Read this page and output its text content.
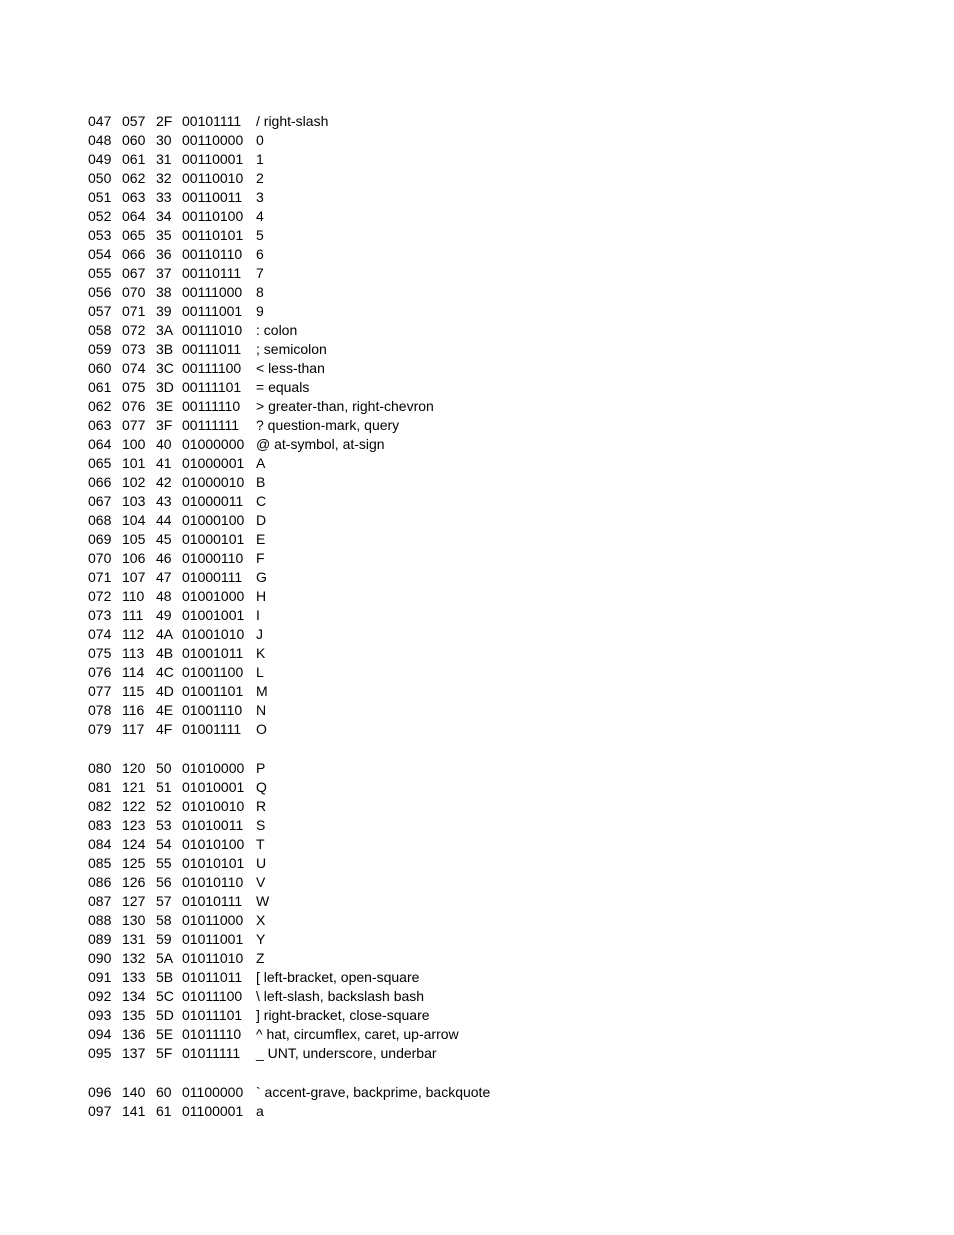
047 057 2F 00101111 / right-slash
048 060 30 00110000 0
049 061 31 00110001 1
050 062 32 00110010 2
051 063 33 00110011 3
052 064 34 00110100 4
053 065 35 00110101 5
054 066 36 00110110 6
055 067 37 00110111 7
056 070 38 00111000 8
057 071 39 00111001 9
058 072 3A 00111010 : colon
059 073 3B 00111011 ; semicolon
060 074 3C 00111100 < less-than
061 075 3D 00111101 = equals
062 076 3E 00111110 > greater-than, right-chevron
063 077 3F 00111111 ? question-mark, query
064 100 40 01000000 @ at-symbol, at-sign
065 101 41 01000001 A
066 102 42 01000010 B
067 103 43 01000011 C
068 104 44 01000100 D
069 105 45 01000101 E
070 106 46 01000110 F
071 107 47 01000111 G
072 110 48 01001000 H
073 111 49 01001001 I
074 112 4A 01001010 J
075 113 4B 01001011 K
076 114 4C 01001100 L
077 115 4D 01001101 M
078 116 4E 01001110 N
079 117 4F 01001111 O
080 120 50 01010000 P
081 121 51 01010001 Q
082 122 52 01010010 R
083 123 53 01010011 S
084 124 54 01010100 T
085 125 55 01010101 U
086 126 56 01010110 V
087 127 57 01010111 W
088 130 58 01011000 X
089 131 59 01011001 Y
090 132 5A 01011010 Z
091 133 5B 01011011 [ left-bracket, open-square
092 134 5C 01011100 \ left-slash, backslash bash
093 135 5D 01011101 ] right-bracket, close-square
094 136 5E 01011110 ^ hat, circumflex, caret, up-arrow
095 137 5F 01011111 _ UNT, underscore, underbar
096 140 60 01100000 ` accent-grave, backprime, backquote
097 141 61 01100001 a
